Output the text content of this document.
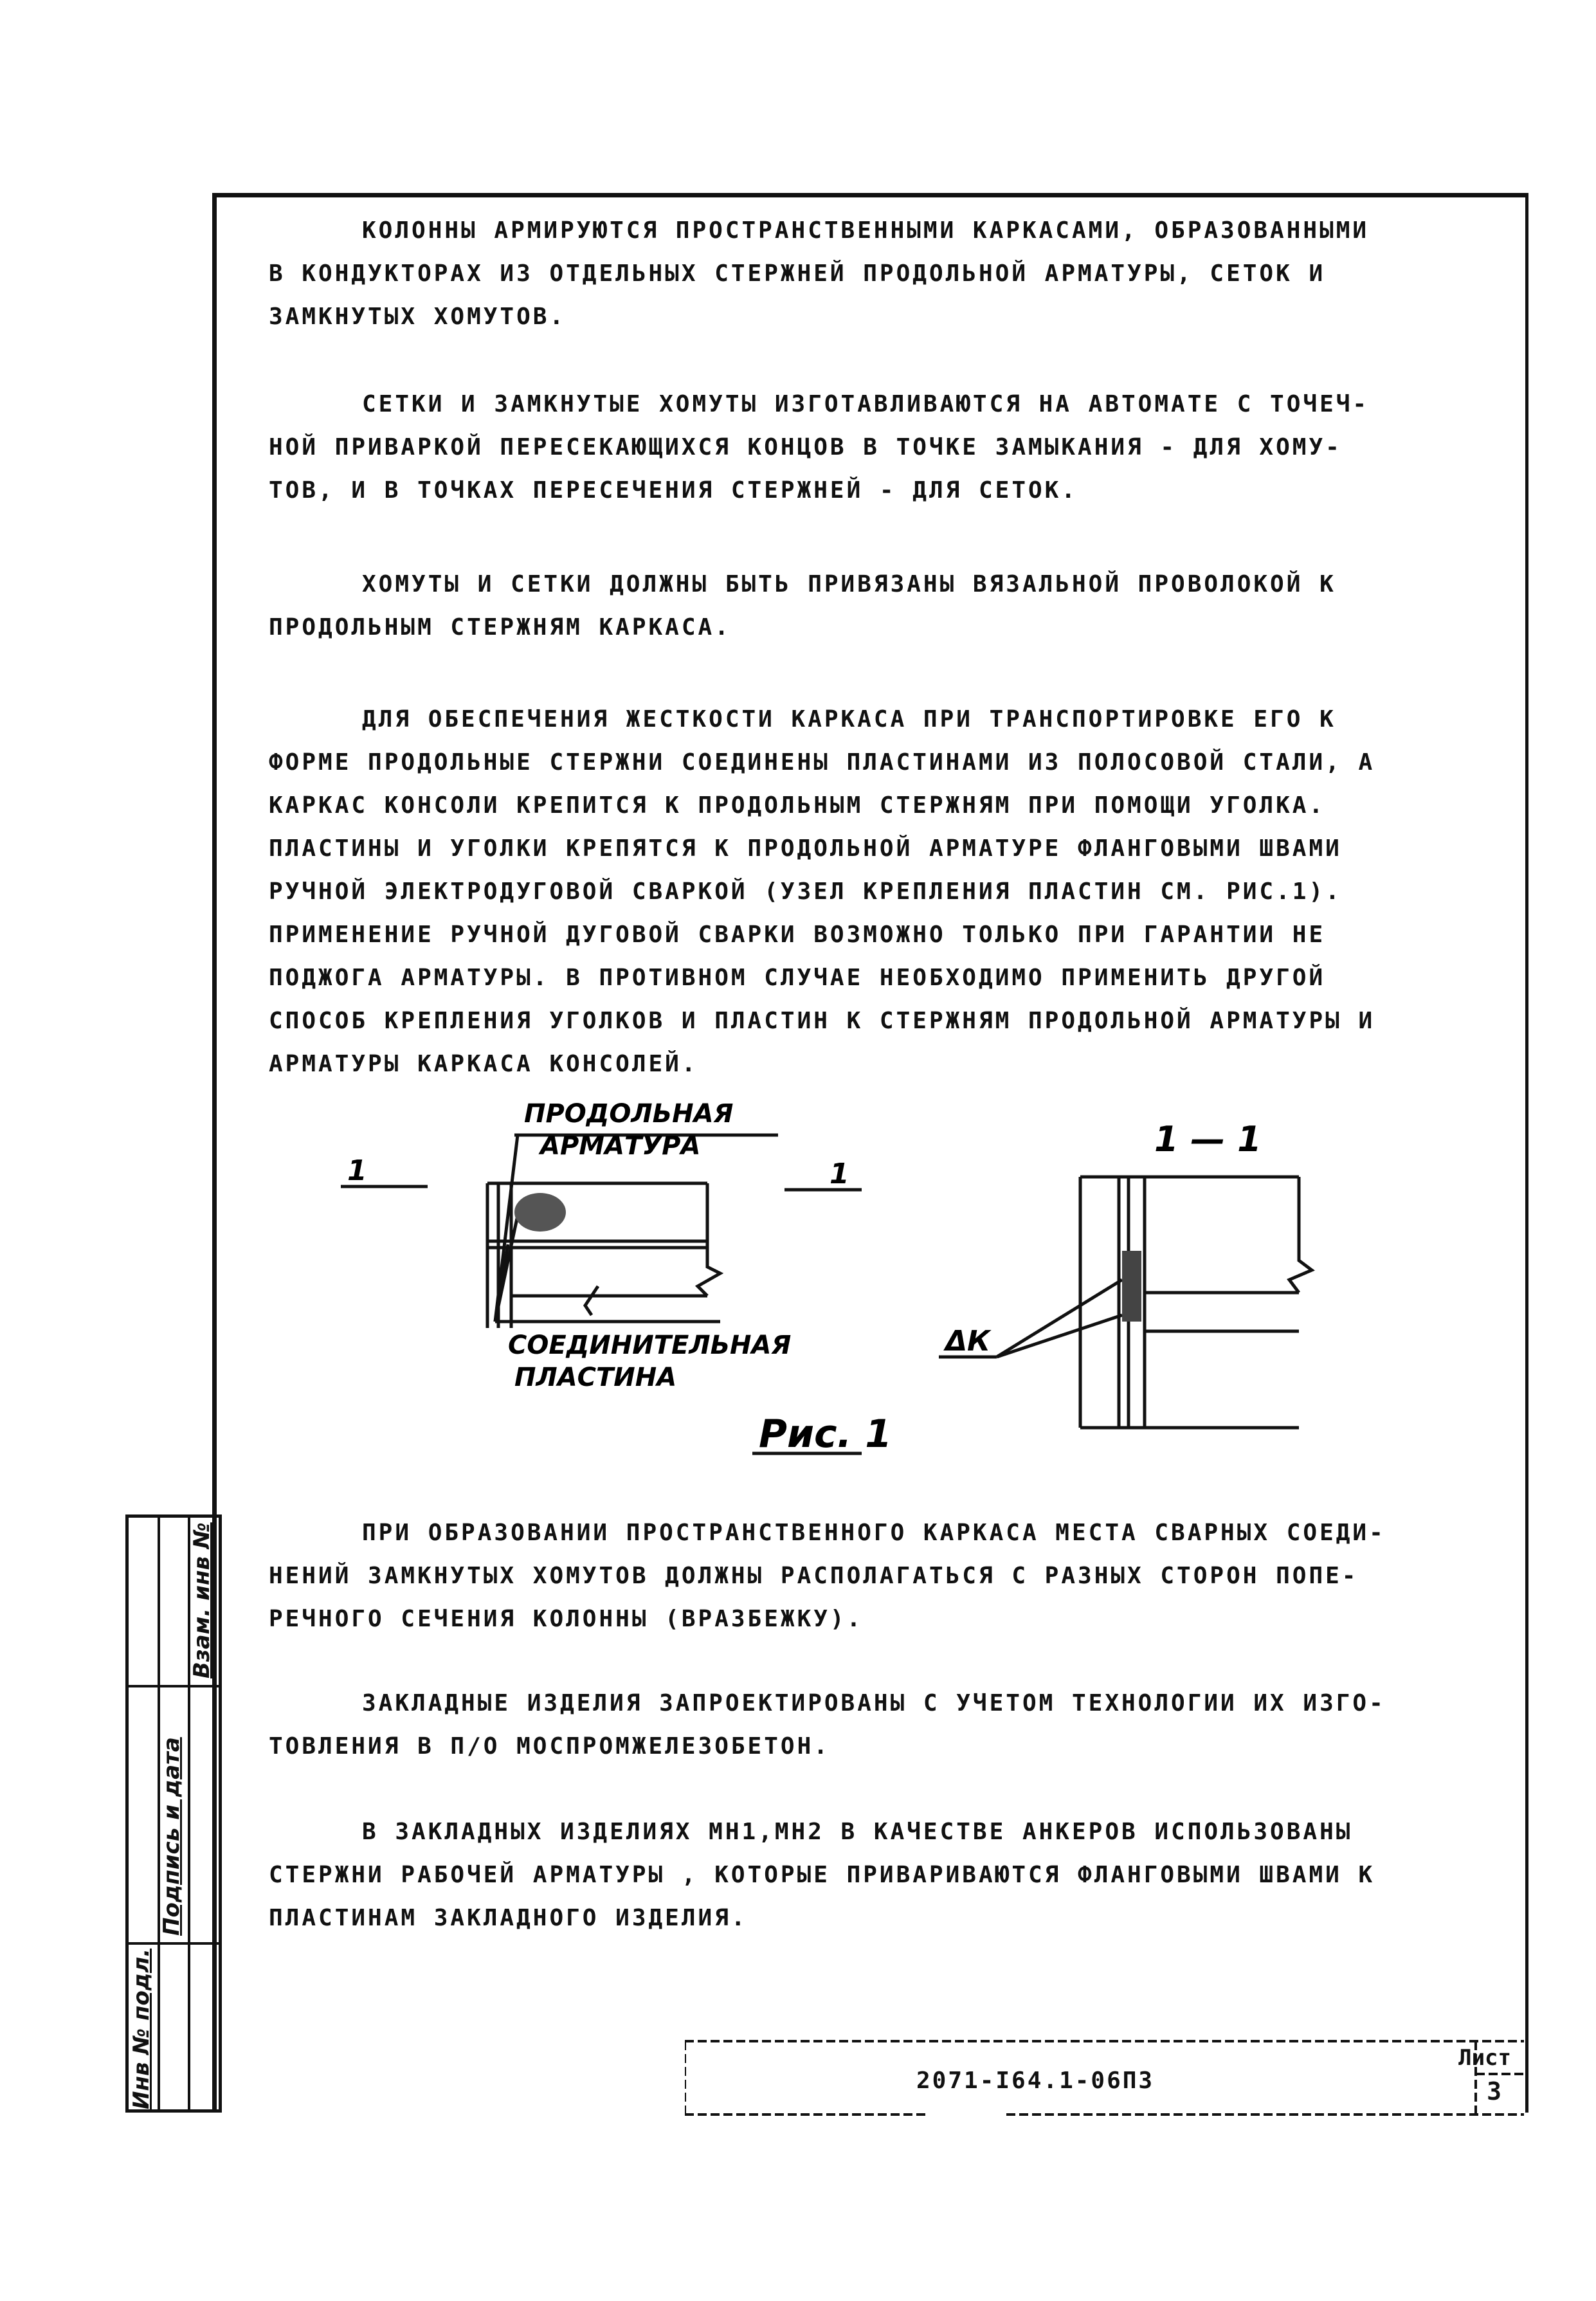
КОЛОННЫ АРМИРУЮТСЯ ПРОСТРАНСТВЕННЫМИ КАРКАСАМИ, ОБРАЗОВАННЫМИ
В КОНДУКТОРАХ ИЗ ОТДЕЛЬНЫХ СТЕРЖНЕЙ ПРОДОЛЬНОЙ АРМАТУРЫ, СЕТОК И
ЗАМКНУТЫХ ХОМУТОВ.
СЕТКИ И ЗАМКНУТЫЕ ХОМУТЫ ИЗГОТАВЛИВАЮТСЯ НА АВТОМАТЕ С ТОЧЕЧ-
НОЙ ПРИВАРКОЙ ПЕРЕСЕКАЮЩИХСЯ КОНЦОВ В ТОЧКЕ ЗАМЫКАНИЯ - ДЛЯ ХОМУ-
ТОВ, И В ТОЧКАХ ПЕРЕСЕЧЕНИЯ СТЕРЖНЕЙ - ДЛЯ СЕТОК.
ХОМУТЫ И СЕТКИ ДОЛЖНЫ БЫТЬ ПРИВЯЗАНЫ ВЯЗАЛЬНОЙ ПРОВОЛОКОЙ К
ПРОДОЛЬНЫМ СТЕРЖНЯМ КАРКАСА.
ДЛЯ ОБЕСПЕЧЕНИЯ ЖЕСТКОСТИ КАРКАСА ПРИ ТРАНСПОРТИРОВКЕ ЕГО К
ФОРМЕ ПРОДОЛЬНЫЕ СТЕРЖНИ СОЕДИНЕНЫ ПЛАСТИНАМИ ИЗ ПОЛОСОВОЙ СТАЛИ, А
КАРКАС КОНСОЛИ КРЕПИТСЯ К ПРОДОЛЬНЫМ СТЕРЖНЯМ ПРИ ПОМОЩИ УГОЛКА.
ПЛАСТИНЫ И УГОЛКИ КРЕПЯТСЯ К ПРОДОЛЬНОЙ АРМАТУРЕ ФЛАНГОВЫМИ ШВАМИ
РУЧНОЙ ЭЛЕКТРОДУГОВОЙ СВАРКОЙ (УЗЕЛ КРЕПЛЕНИЯ ПЛАСТИН СМ. РИС.1).
ПРИМЕНЕНИЕ РУЧНОЙ ДУГОВОЙ СВАРКИ ВОЗМОЖНО ТОЛЬКО ПРИ ГАРАНТИИ НЕ
ПОДЖОГА АРМАТУРЫ. В ПРОТИВНОМ СЛУЧАЕ НЕОБХОДИМО ПРИМЕНИТЬ ДРУГОЙ
СПОСОБ КРЕПЛЕНИЯ УГОЛКОВ И ПЛАСТИН К СТЕРЖНЯМ ПРОДОЛЬНОЙ АРМАТУРЫ И
АРМАТУРЫ КАРКАСА КОНСОЛЕЙ.
ПРОДОЛЬНАЯ
АРМАТУРА
СОЕДИНИТЕЛЬНАЯ
ПЛАСТИНА
1	1
1 — 1
ΔК
Рис. 1
ПРИ ОБРАЗОВАНИИ ПРОСТРАНСТВЕННОГО КАРКАСА МЕСТА СВАРНЫХ СОЕДИ-
НЕНИЙ ЗАМКНУТЫХ ХОМУТОВ ДОЛЖНЫ РАСПОЛАГАТЬСЯ С РАЗНЫХ СТОРОН ПОПЕ-
РЕЧНОГО СЕЧЕНИЯ КОЛОННЫ (ВРАЗБЕЖКУ).
ЗАКЛАДНЫЕ ИЗДЕЛИЯ ЗАПРОЕКТИРОВАНЫ С УЧЕТОМ ТЕХНОЛОГИИ ИХ ИЗГО-
ТОВЛЕНИЯ В П/О МОСПРОМЖЕЛЕЗОБЕТОН.
В ЗАКЛАДНЫХ ИЗДЕЛИЯХ МН1,МН2 В КАЧЕСТВЕ АНКЕРОВ ИСПОЛЬЗОВАНЫ
СТЕРЖНИ РАБОЧЕЙ АРМАТУРЫ , КОТОРЫЕ ПРИВАРИВАЮТСЯ ФЛАНГОВЫМИ ШВАМИ К
ПЛАСТИНАМ ЗАКЛАДНОГО ИЗДЕЛИЯ.
Инв № подл.
Подпись и дата
Взам. инв №
2071-I64.1-06ПЗ
Лист
3
